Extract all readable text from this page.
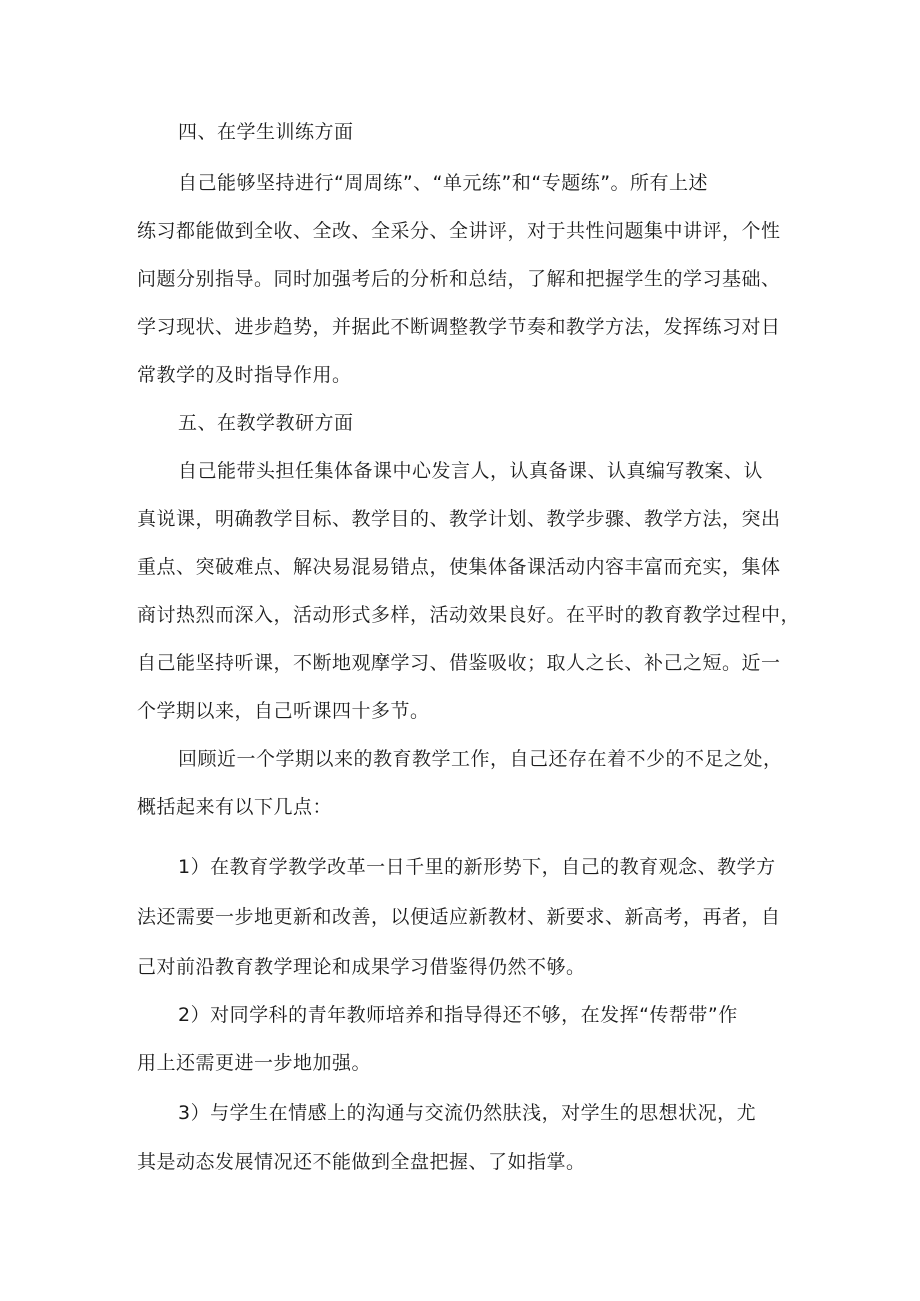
四、在学生训练方面
自己能够坚持进行“周周练”、“单元练”和“专题练”。所有上述
练习都能做到全收、全改、全采分、全讲评，对于共性问题集中讲评，个性
问题分别指导。同时加强考后的分析和总结，了解和把握学生的学习基础、
学习现状、进步趋势，并据此不断调整教学节奏和教学方法，发挥练习对日
常教学的及时指导作用。
五、在教学教研方面
自己能带头担任集体备课中心发言人，认真备课、认真编写教案、认
真说课，明确教学目标、教学目的、教学计划、教学步骤、教学方法，突出
重点、突破难点、解决易混易错点，使集体备课活动内容丰富而充实，集体
商讨热烈而深入，活动形式多样，活动效果良好。在平时的教育教学过程中，
自己能坚持听课，不断地观摩学习、借鉴吸收；取人之长、补己之短。近一
个学期以来，自己听课四十多节。
回顾近一个学期以来的教育教学工作，自己还存在着不少的不足之处，
概括起来有以下几点：
1）在教育学教学改革一日千里的新形势下，自己的教育观念、教学方
法还需要一步地更新和改善，以便适应新教材、新要求、新高考，再者，自
己对前沿教育教学理论和成果学习借鉴得仍然不够。
2）对同学科的青年教师培养和指导得还不够，在发挥“传帮带”作
用上还需更进一步地加强。
3）与学生在情感上的沟通与交流仍然肤浅，对学生的思想状况，尤
其是动态发展情况还不能做到全盘把握、了如指掌。
